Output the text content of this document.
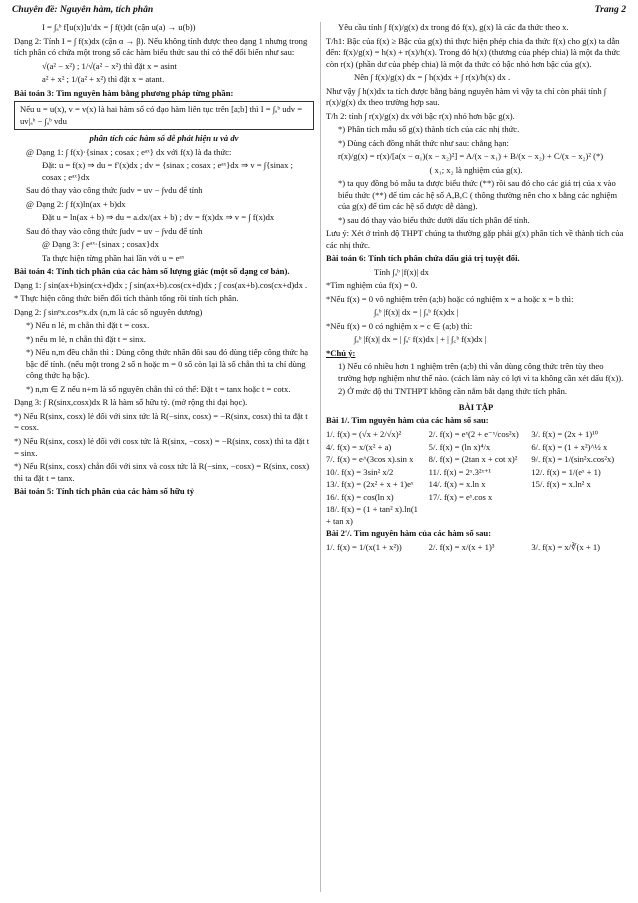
Chuyên đề: Nguyên hàm, tích phân	Trang 2

I = ∫ₐᵇ f[u(x)]u′dx = ∫ f(t)dt (cận u(a) → u(b))

Dạng 2: Tính I = ∫ f(x)dx (cận α → β). Nếu không tính được theo dạng 1 nhưng trong tích phân có chứa một trong số các hàm biểu thức sau thì có thể đổi biến như sau:

√(a² − x²) ; 1/√(a² − x²) thì đặt x = asint

a² + x² ; 1/(a² + x²) thì đặt x = atant.

Bài toán 3: Tìm nguyên hàm bằng phương pháp từng phần:

Nếu u = u(x), v = v(x) là hai hàm số có đạo hàm liên tục trên [a;b] thì I = ∫ₐᵇ udv = uv|ₐᵇ − ∫ₐᵇ vdu

phân tích các hàm số dễ phát hiện u và dv

@ Dạng 1: ∫ f(x)·{sinax ; cosax ; eᵃˣ} dx với f(x) là đa thức:

Đặt: u = f(x) ⇒ du = f′(x)dx ; dv = {sinax ; cosax ; eᵃˣ}dx ⇒ v = ∫{sinax ; cosax ; eᵃˣ}dx

Sau đó thay vào công thức ∫udv = uv − ∫vdu để tính

@ Dạng 2: ∫ f(x)ln(ax + b)dx

Đặt u = ln(ax + b) ⇒ du = a.dx/(ax + b) ; dv = f(x)dx ⇒ v = ∫ f(x)dx

Sau đó thay vào công thức ∫udv = uv − ∫vdu để tính

@ Dạng 3: ∫ eᵃˣ·{sinax ; cosax}dx

Ta thực hiện từng phần hai lần với u = eᵃˣ

Bài toán 4: Tính tích phân của các hàm số lượng giác (một số dạng cơ bản).

Dạng 1: ∫ sin(ax+b)sin(cx+d)dx ; ∫ sin(ax+b).cos(cx+d)dx ; ∫ cos(ax+b).cos(cx+d)dx .

* Thực hiện công thức biến đổi tích thành tổng rồi tính tích phân.

Dạng 2: ∫ sinⁿx.cosᵐx.dx (n,m là các số nguyên dương)

*) Nếu n lẻ, m chẵn thì đặt t = cosx.

*) nếu m lẻ, n chẵn thì đặt t = sinx.

*) Nếu n,m đều chẵn thì : Dùng công thức nhân đôi sau đó dùng tiếp công thức hạ bậc để tính. (nếu một trong 2 số n hoặc m = 0 số còn lại là số chẵn thì ta chỉ dùng công thức hạ bậc).

*) n,m ∈ Z nếu n+m là số nguyên chẵn thì có thể: Đặt t = tanx hoặc t = cotx.

Dạng 3: ∫ R(sinx,cosx)dx R là hàm số hữu tỷ. (mở rộng thi đại học).

*) Nếu R(sinx, cosx) lẻ đối với sinx tức là R(−sinx, cosx) = −R(sinx, cosx) thì ta đặt t = cosx.

*) Nếu R(sinx, cosx) lẻ đối với cosx tức là R(sinx, −cosx) = −R(sinx, cosx) thì ta đặt t = sinx.

*) Nếu R(sinx, cosx) chẵn đối với sinx và cosx tức là R(−sinx, −cosx) = R(sinx, cosx) thì ta đặt t = tanx.

Bài toán 5: Tính tích phân của các hàm số hữu tỷ

Yêu cầu tính ∫ f(x)/g(x) dx trong đó f(x), g(x) là các đa thức theo x.

T/h1: Bậc của f(x) ≥ Bậc của g(x) thì thực hiện phép chia đa thức f(x) cho g(x) ta dẫn đến: f(x)/g(x) = h(x) + r(x)/h(x). Trong đó h(x) (thương của phép chia) là một đa thức còn r(x) (phần dư của phép chia) là một đa thức có bậc nhỏ hơn bậc của g(x).

Nên ∫ f(x)/g(x) dx = ∫ h(x)dx + ∫ r(x)/h(x) dx .

Như vậy ∫ h(x)dx ta tích được bằng bảng nguyên hàm vì vậy ta chỉ còn phải tính ∫ r(x)/g(x) dx theo trường hợp sau.

T/h 2: tính ∫ r(x)/g(x) dx với bậc r(x) nhỏ hơn bậc g(x).

*) Phân tích mẫu số g(x) thành tích của các nhị thức.

*) Dùng cách đồng nhất thức như sau: chẳng hạn:

r(x)/g(x) = r(x)/[a(x − α₁)(x − x₂)²] = A/(x − x₁) + B/(x − x₂) + C/(x − x₂)² (*)

( x₁; x₂ là nghiệm của g(x).

*) ta quy đồng bỏ mẫu ta được biểu thức (**) rồi sau đó cho các giá trị của x vào biểu thức (**) để tìm các hệ số A,B,C ( thông thường nên cho x bằng các nghiệm của g(x) để tìm các hệ số được dễ dàng).

*) sau đó thay vào biểu thức dưới dấu tích phân để tính.

Lưu ý: Xét ở trình độ THPT chúng ta thường gặp phải g(x) phân tích về thành tích của các nhị thức.

Bài toán 6: Tính tích phân chứa dấu giá trị tuyệt đối.

Tính ∫ₐᵇ |f(x)| dx

*Tìm nghiệm của f(x) = 0.

*Nếu f(x) = 0 vô nghiệm trên (a;b) hoặc có nghiệm x = a hoặc x = b thì:

∫ₐᵇ |f(x)| dx = | ∫ₐᵇ f(x)dx |

*Nếu f(x) = 0 có nghiệm x = c ∈ (a;b) thì:

∫ₐᵇ |f(x)| dx = | ∫ₐᶜ f(x)dx | + | ∫꜀ᵇ f(x)dx |

*Chú ý:

1) Nếu có nhiều hơn 1 nghiệm trên (a;b) thì vẫn dùng công thức trên tùy theo trường hợp nghiệm như thế nào. (cách làm này có lợi vì ta không cần xét dấu f(x)).

2) Ở mức độ thi TNTHPT không cần nắm bắt dạng thức tích phân.

BÀI TẬP

Bài 1/. Tìm nguyên hàm của các hàm số sau:

1/. f(x) = (√x + 2/√x)²	2/. f(x) = eˣ(2 + e⁻ˣ/cos²x)	3/. f(x) = (2x + 1)¹⁰
4/. f(x) = x/(x² + a)	5/. f(x) = (ln x)⁴/x	6/. f(x) = (1 + x²)^½ x
7/. f(x) = e^(3cos x).sin x	8/. f(x) = (2tan x + cot x)²	9/. f(x) = 1/(sin²x.cos²x)
10/. f(x) = 3sin² x/2	11/. f(x) = 2ˣ.3²ˣ⁺¹	12/. f(x) = 1/(eˣ + 1)
13/. f(x) = (2x² + x + 1)eˣ	14/. f(x) = x.ln x	15/. f(x) = x.ln² x
16/. f(x) = cos(ln x)	17/. f(x) = eˣ.cos x
18/. f(x) = (1 + tan² x).ln(1 + tan x)

Bài 2'/. Tìm nguyên hàm của các hàm số sau:

1/. f(x) = 1/(x(1 + x²))	2/. f(x) = x/(x + 1)³	3/. f(x) = x/∛(x + 1)
